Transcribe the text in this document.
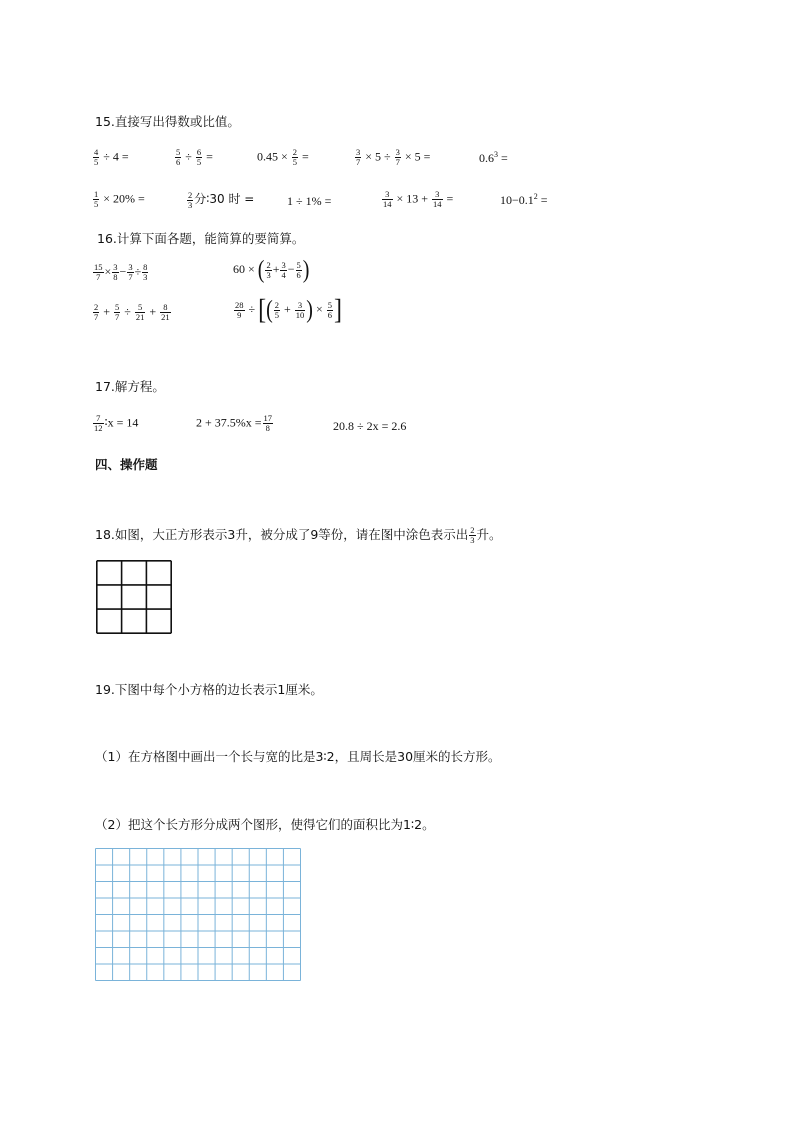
15.直接写出得数或比值。
$\frac{4}{5} \div 4$ =	$\frac{5}{6} \div \frac{6}{5}$ =	$0.45 \times \frac{2}{5}$ =	$\frac{3}{7} \times 5 \div \frac{3}{7} \times 5$ =	$0.6^3$ =
$\frac{1}{5} \times 20\%$ =	$\frac{2}{3}$ 分∶30 时 =	1 ÷ 1% =	$\frac{3}{14} \times 13 + \frac{3}{14}$ =	$10-0.1^2$ =
16.计算下面各题，能简算的要简算。
$\frac{15}{7} \times \frac{3}{8} - \frac{3}{7} \div \frac{8}{3}$	60 × ( $\frac{2}{3} + \frac{3}{4} - \frac{5}{6}$ )
$\frac{2}{7} + \frac{5}{7} \div \frac{5}{21} + \frac{8}{21}$	$\frac{28}{9}$ ÷ [( $\frac{2}{5} + \frac{3}{10}$ ) × $\frac{5}{6}$ ]
17.解方程。
$\frac{7}{12}$ ∶x = 14	$2 + 37.5\%x = \frac{17}{8}$	20.8 ÷ 2x = 2.6
四、操作题
18.如图，大正方形表示3升，被分成了9等份，请在图中涂色表示出 $\frac{2}{3}$ 升。
19.下图中每个小方格的边长表示1厘米。
（1）在方格图中画出一个长与宽的比是3∶2，且周长是30厘米的长方形。
（2）把这个长方形分成两个图形，使得它们的面积比为1∶2。
